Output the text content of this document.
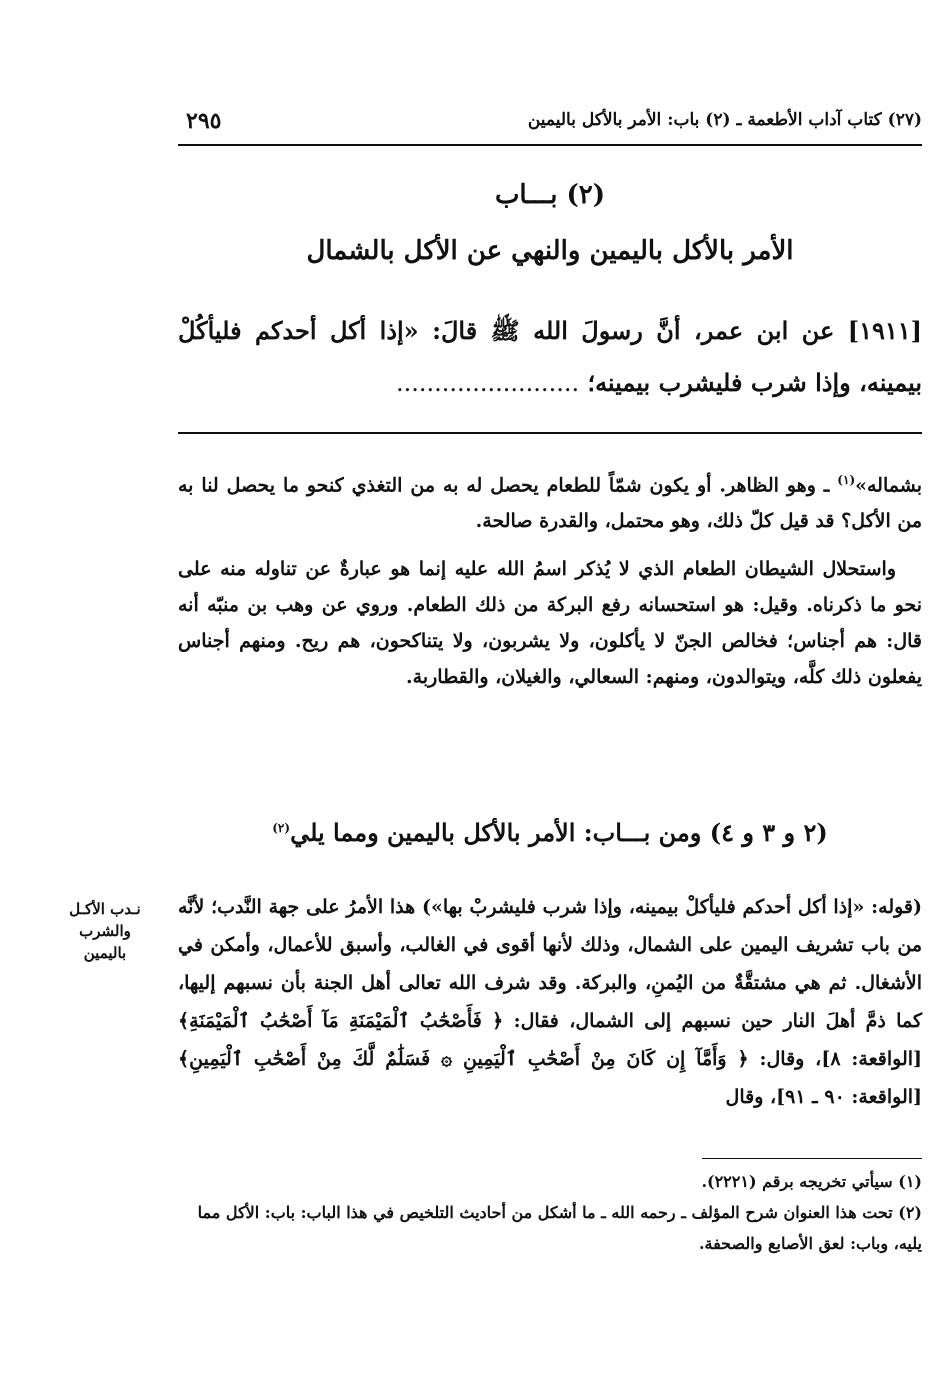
(٢٧) كتاب آداب الأطعمة ـ (٢) باب: الأمر بالأكل باليمين
٢٩٥
(٢) بـــاب
الأمر بالأكل باليمين والنهي عن الأكل بالشمال
[١٩١١] عن ابن عمر، أنَّ رسولَ الله ﷺ قالَ: «إذا أكل أحدكم فليأكُلْ بيمينه، وإذا شرب فليشرب بيمينه؛ ........................

بشماله»$^{(١)}$ ـ وهو الظاهر. أو يكون شمّاً للطعام يحصل له به من التغذي كنحو ما يحصل لنا به من الأكل؟ قد قيل كلّ ذلك، وهو محتمل، والقدرة صالحة.

واستحلال الشيطان الطعام الذي لا يُذكر اسمُ الله عليه إنما هو عبارةٌ عن تناوله منه على نحو ما ذكرناه. وقيل: هو استحسانه رفع البركة من ذلك الطعام. وروي عن وهب بن منبّه أنه قال: هم أجناس؛ فخالص الجنّ لا يأكلون، ولا يشربون، ولا يتناكحون، هم ريح. ومنهم أجناس يفعلون ذلك كلَّه، ويتوالدون، ومنهم: السعالي، والغيلان، والقطاربة.

(٢ و ٣ و ٤) ومن بـــاب: الأمر بالأكل باليمين ومما يلي$^{(٢)}$
نـدب الأكـل
والشرب
باليمين

(قوله: «إذا أكل أحدكم فليأكلْ بيمينه، وإذا شرب فليشربْ بها») هذا الأمرُ على جهة النَّدب؛ لأنَّه من باب تشريف اليمين على الشمال، وذلك لأنها أقوى في الغالب، وأسبق للأعمال، وأمكن في الأشغال. ثم هي مشتقَّةٌ من اليُمنِ، والبركة. وقد شرف الله تعالى أهل الجنة بأن نسبهم إليها، كما ذمَّ أهلَ النار حين نسبهم إلى الشمال، فقال: ﴿ فَأَصْحَٰبُ ٱلْمَيْمَنَةِ مَآ أَصْحَٰبُ ٱلْمَيْمَنَةِ﴾ [الواقعة: ٨]، وقال: ﴿ وَأَمَّآ إِن كَانَ مِنْ أَصْحَٰبِ ٱلْيَمِينِ ۞ فَسَلَٰمٌ لَّكَ مِنْ أَصْحَٰبِ ٱلْيَمِينِ﴾ [الواقعة: ٩٠ ـ ٩١]، وقال

(١) سيأتي تخريجه برقم (٢٢٢١).

(٢) تحت هذا العنوان شرح المؤلف ـ رحمه الله ـ ما أشكل من أحاديث التلخيص في هذا الباب: باب: الأكل مما يليه، وباب: لعق الأصابع والصحفة.
